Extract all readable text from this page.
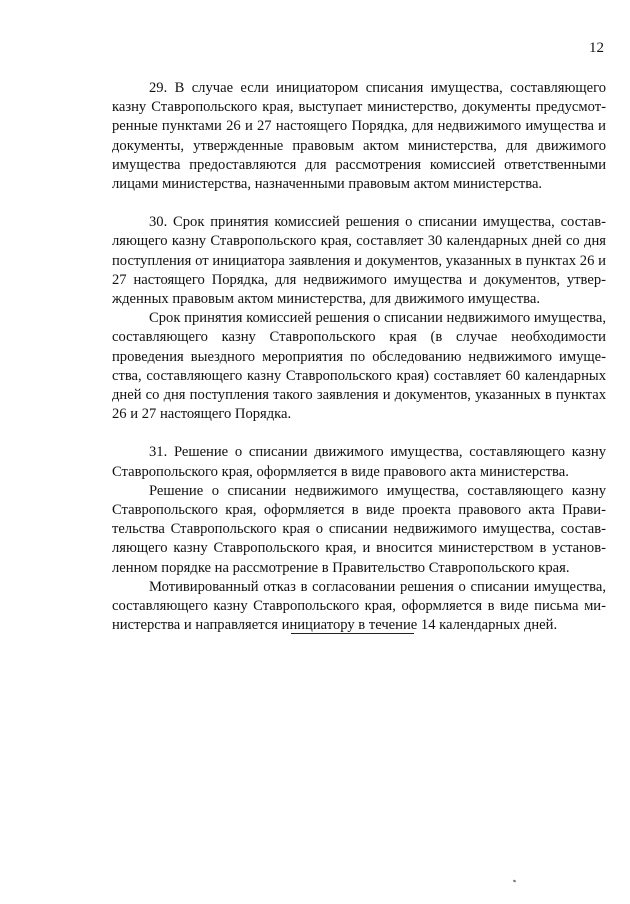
12

29. В случае если инициатором списания имущества, составляющего казну Ставропольского края, выступает министерство, документы предусмотренные пунктами 26 и 27 настоящего Порядка, для недвижимого имущества и документы, утвержденные правовым актом министерства, для движимого имущества предоставляются для рассмотрения комиссией ответственными лицами министерства, назначенными правовым актом министерства.

30. Срок принятия комиссией решения о списании имущества, составляющего казну Ставропольского края, составляет 30 календарных дней со дня поступления от инициатора заявления и документов, указанных в пунктах 26 и 27 настоящего Порядка, для недвижимого имущества и документов, утвержденных правовым актом министерства, для движимого имущества.

Срок принятия комиссией решения о списании недвижимого имущества, составляющего казну Ставропольского края (в случае необходимости проведения выездного мероприятия по обследованию недвижимого имущества, составляющего казну Ставропольского края) составляет 60 календарных дней со дня поступления такого заявления и документов, указанных в пунктах 26 и 27 настоящего Порядка.

31. Решение о списании движимого имущества, составляющего казну Ставропольского края, оформляется в виде правового акта министерства.

Решение о списании недвижимого имущества, составляющего казну Ставропольского края, оформляется в виде проекта правового акта Правительства Ставропольского края о списании недвижимого имущества, составляющего казну Ставропольского края, и вносится министерством в установленном порядке на рассмотрение в Правительство Ставропольского края.

Мотивированный отказ в согласовании решения о списании имущества, составляющего казну Ставропольского края, оформляется в виде письма министерства и направляется инициатору в течение 14 календарных дней.
